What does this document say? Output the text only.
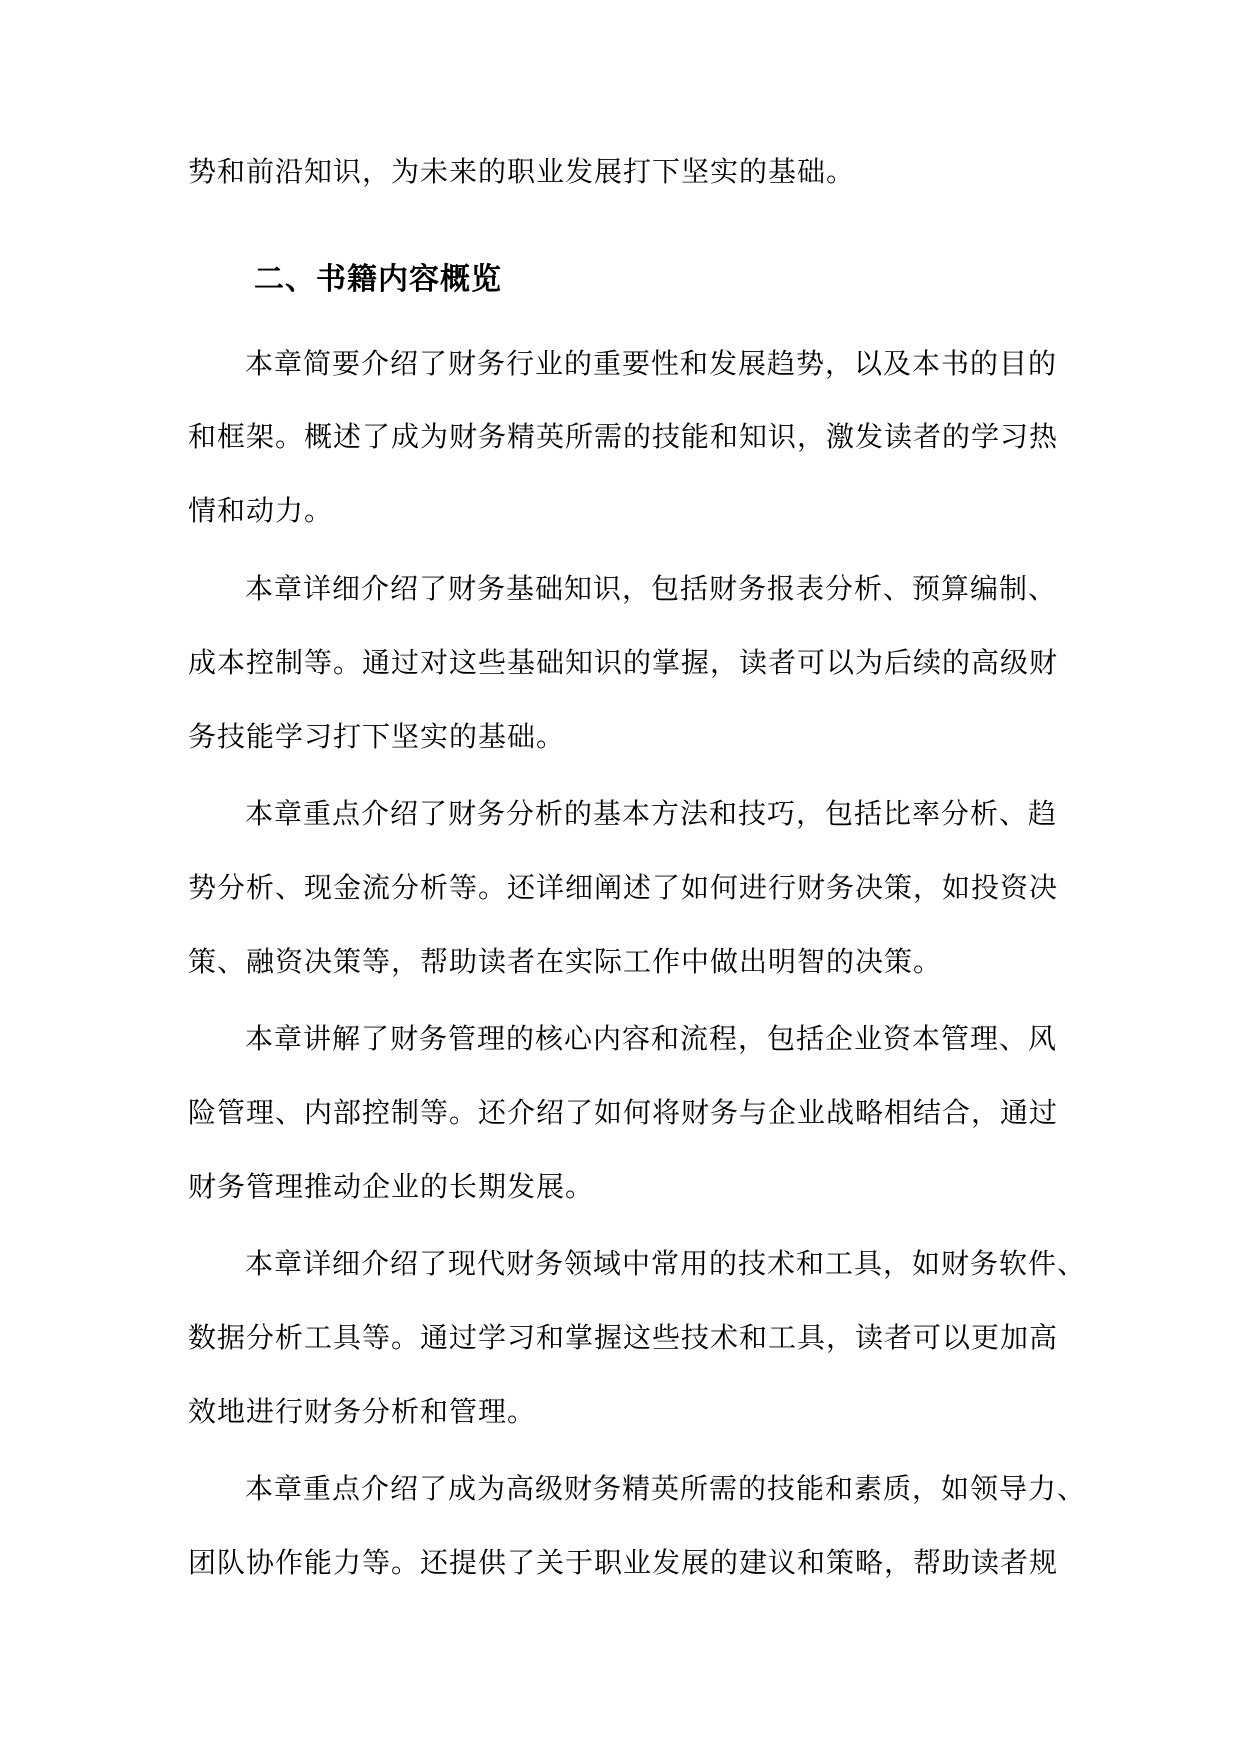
势和前沿知识，为未来的职业发展打下坚实的基础。
二、书籍内容概览
本章简要介绍了财务行业的重要性和发展趋势，以及本书的目的
和框架。概述了成为财务精英所需的技能和知识，激发读者的学习热
情和动力。
本章详细介绍了财务基础知识，包括财务报表分析、预算编制、
成本控制等。通过对这些基础知识的掌握，读者可以为后续的高级财
务技能学习打下坚实的基础。
本章重点介绍了财务分析的基本方法和技巧，包括比率分析、趋
势分析、现金流分析等。还详细阐述了如何进行财务决策，如投资决
策、融资决策等，帮助读者在实际工作中做出明智的决策。
本章讲解了财务管理的核心内容和流程，包括企业资本管理、风
险管理、内部控制等。还介绍了如何将财务与企业战略相结合，通过
财务管理推动企业的长期发展。
本章详细介绍了现代财务领域中常用的技术和工具，如财务软件、
数据分析工具等。通过学习和掌握这些技术和工具，读者可以更加高
效地进行财务分析和管理。
本章重点介绍了成为高级财务精英所需的技能和素质，如领导力、
团队协作能力等。还提供了关于职业发展的建议和策略，帮助读者规
